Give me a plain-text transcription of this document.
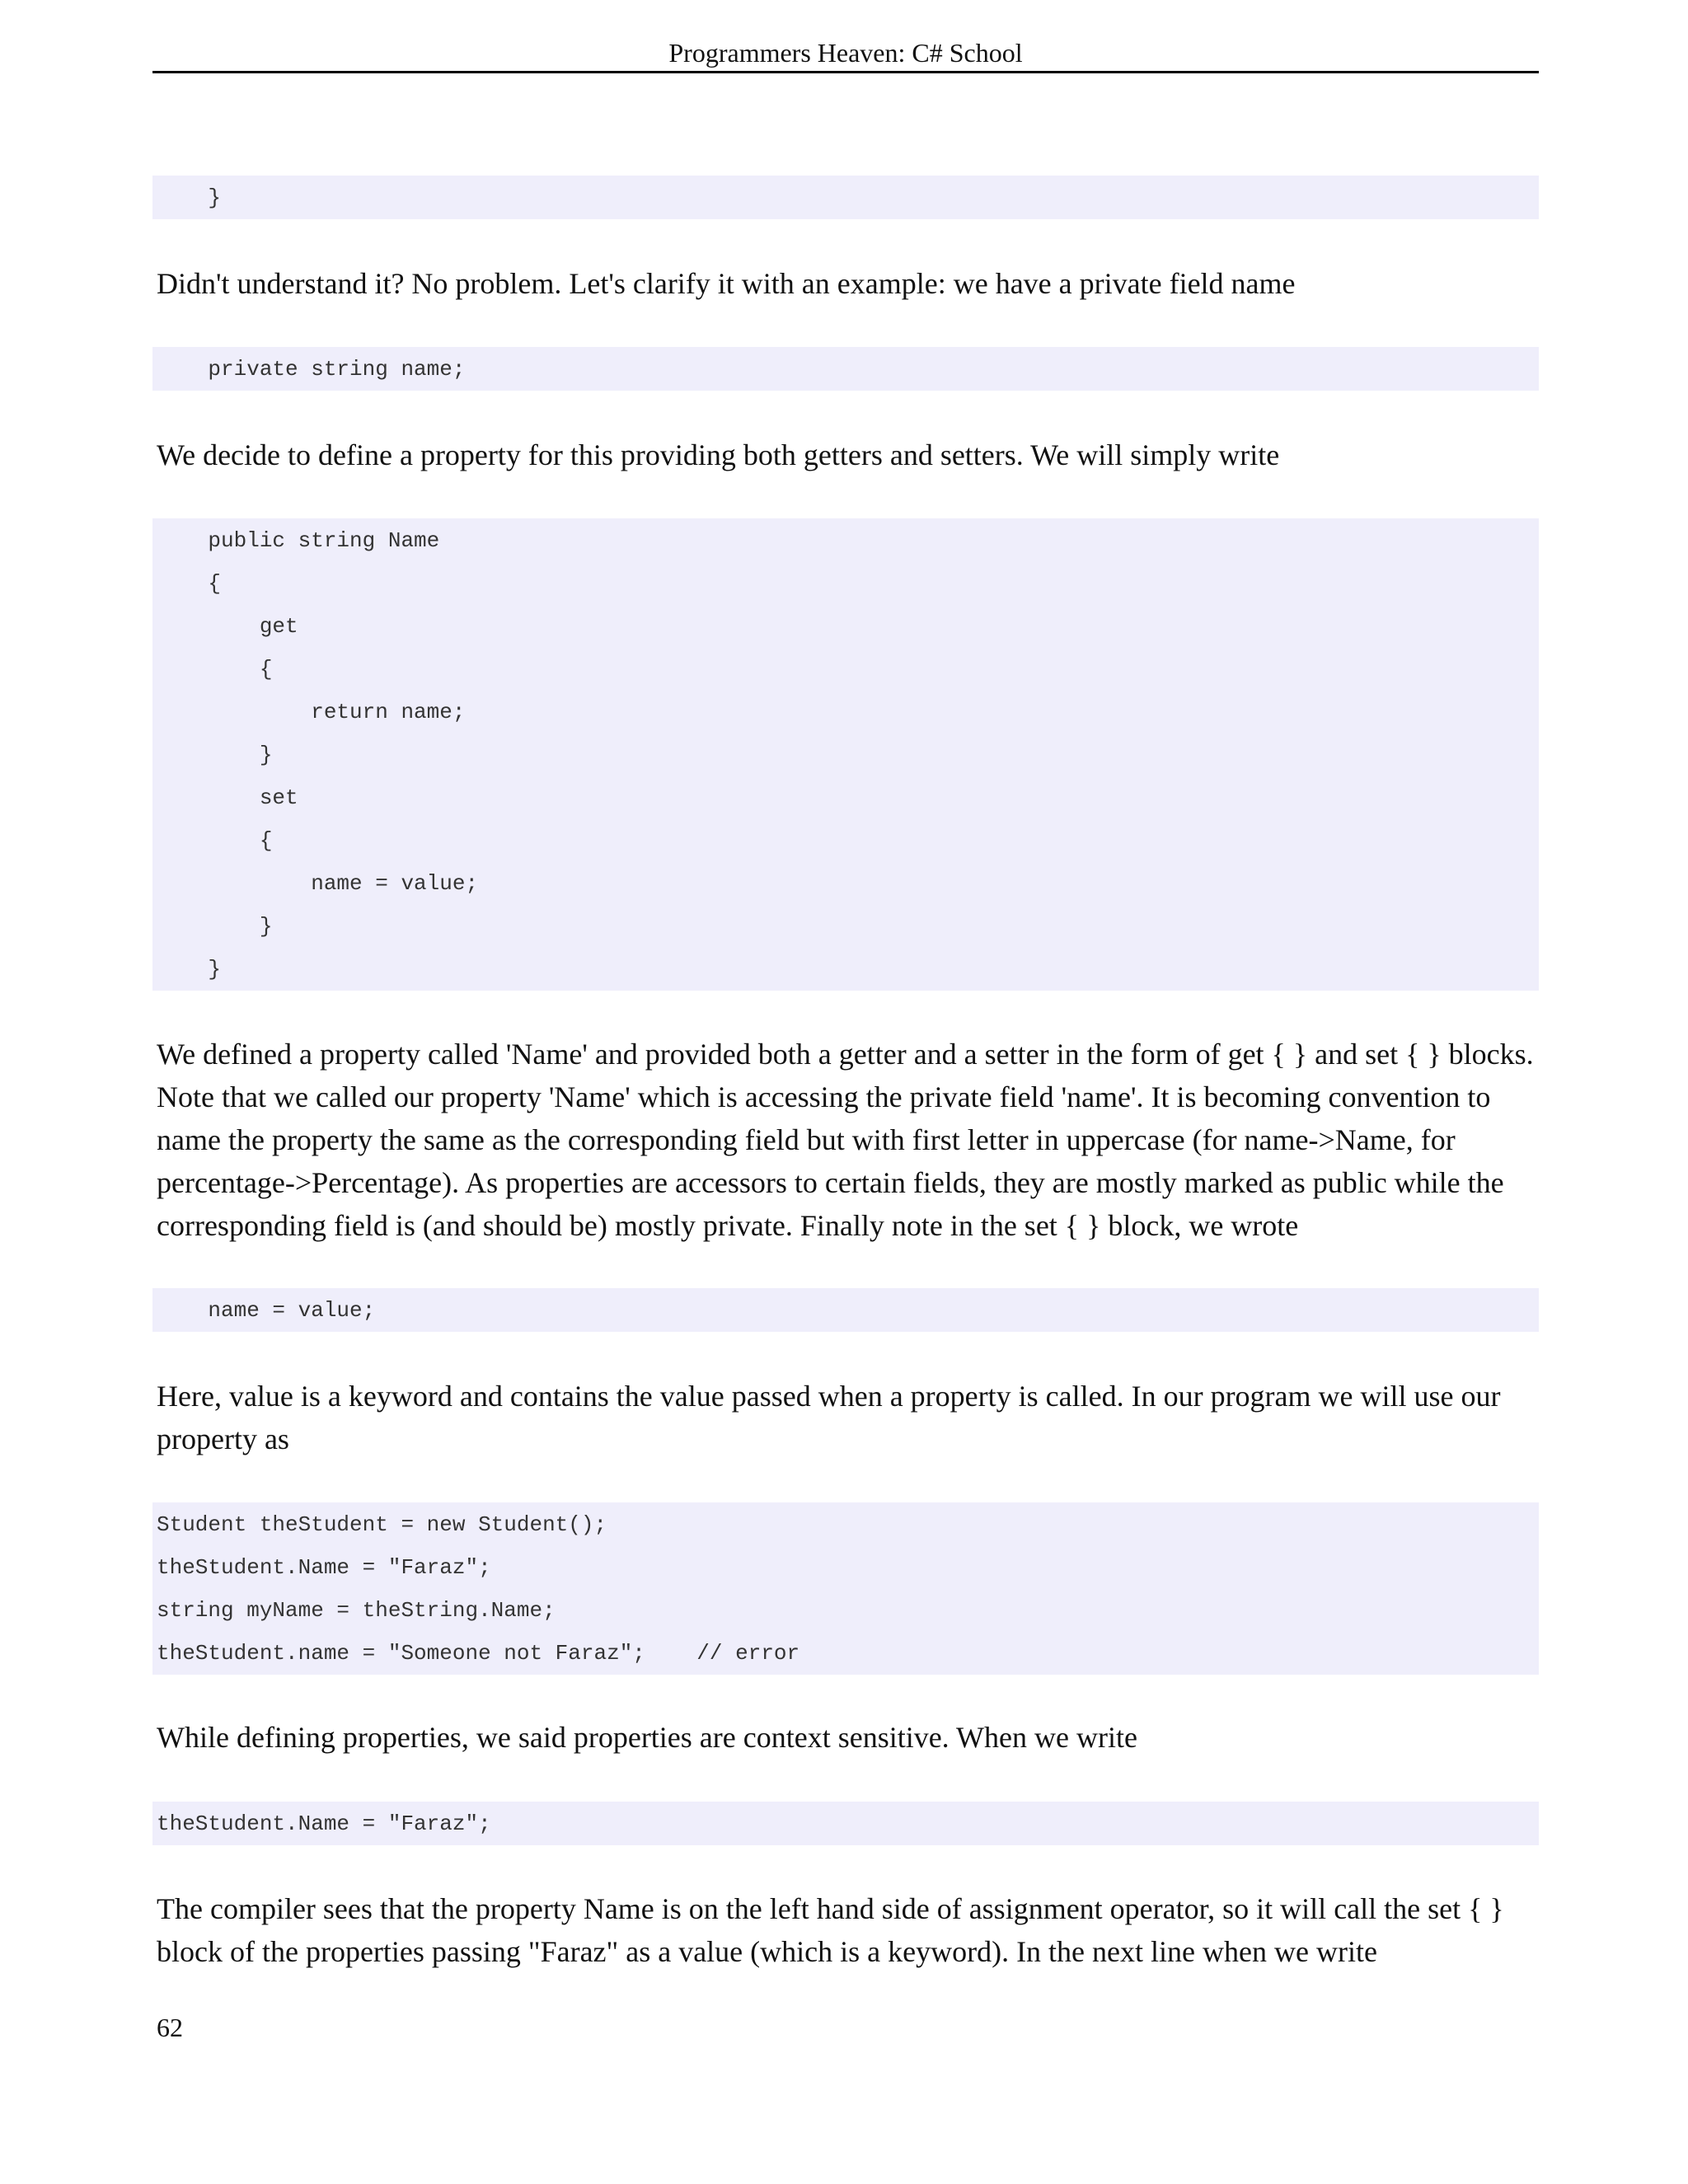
Programmers Heaven: C# School
}
Didn't understand it? No problem. Let's clarify it with an example: we have a private field name
private string name;
We decide to define a property for this providing both getters and setters. We will simply write
public string Name
{
get
{
return name;
}
set
{
name = value;
}
}
We defined a property called 'Name' and provided both a getter and a setter in the form of get { } and set { } blocks.
Note that we called our property 'Name' which is accessing the private field 'name'. It is becoming convention to
name the property the same as the corresponding field but with first letter in uppercase (for name->Name, for
percentage->Percentage). As properties are accessors to certain fields, they are mostly marked as public while the
corresponding field is (and should be) mostly private. Finally note in the set { } block, we wrote
name = value;
Here, value is a keyword and contains the value passed when a property is called. In our program we will use our
property as
Student theStudent = new Student();
theStudent.Name = "Faraz";
string myName = theString.Name;
theStudent.name = "Someone not Faraz";    // error
While defining properties, we said properties are context sensitive. When we write
theStudent.Name = "Faraz";
The compiler sees that the property Name is on the left hand side of assignment operator, so it will call the set { }
block of the properties passing "Faraz" as a value (which is a keyword). In the next line when we write
62
